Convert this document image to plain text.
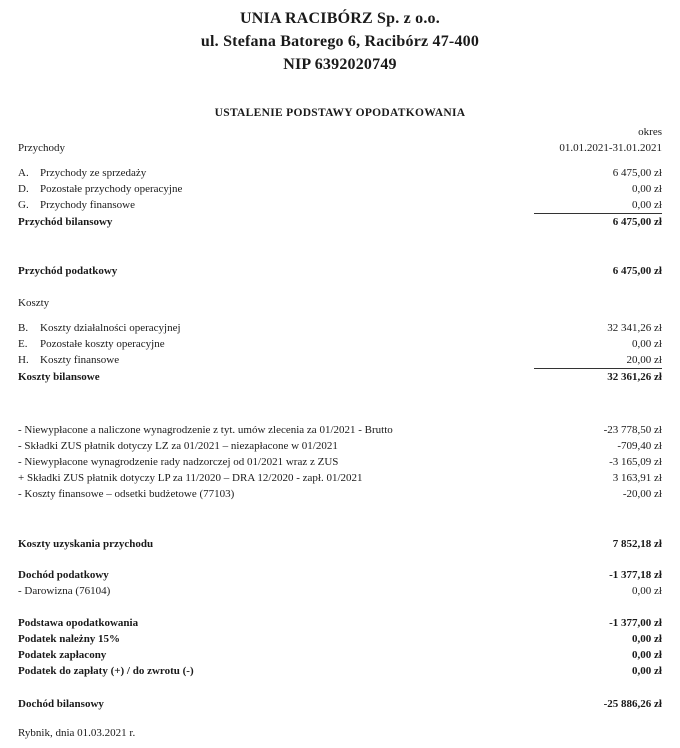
UNIA RACIBÓRZ Sp. z o.o.
ul. Stefana Batorego 6, Racibórz 47-400
NIP 6392020749
USTALENIE PODSTAWY OPODATKOWANIA
okres
Przychody	01.01.2021-31.01.2021
A.	Przychody ze sprzedaży	6 475,00 zł
D.	Pozostałe przychody operacyjne	0,00 zł
G.	Przychody finansowe	0,00 zł
Przychód bilansowy	6 475,00 zł
Przychód podatkowy	6 475,00 zł
Koszty
B.	Koszty działalności operacyjnej	32 341,26 zł
E.	Pozostałe koszty operacyjne	0,00 zł
H.	Koszty finansowe	20,00 zł
Koszty bilansowe	32 361,26 zł
- Niewypłacone a naliczone wynagrodzenie z tyt. umów zlecenia za 01/2021 - Brutto	-23 778,50 zł
- Składki ZUS płatnik dotyczy LZ za 01/2021 – niezapłacone w 01/2021	-709,40 zł
- Niewypłacone wynagrodzenie rady nadzorczej od 01/2021 wraz z ZUS	-3 165,09 zł
+ Składki ZUS płatnik dotyczy LP za 11/2020 – DRA 12/2020 - zapł. 01/2021	3 163,91 zł
- Koszty finansowe – odsetki budżetowe (77103)	-20,00 zł
Koszty uzyskania przychodu	7 852,18 zł
Dochód podatkowy	-1 377,18 zł
- Darowizna (76104)	0,00 zł
Podstawa opodatkowania	-1 377,00 zł
Podatek należny 15%	0,00 zł
Podatek zapłacony	0,00 zł
Podatek do zapłaty (+) / do zwrotu (-)	0,00 zł
Dochód bilansowy	-25 886,26 zł
Rybnik, dnia 01.03.2021 r.
